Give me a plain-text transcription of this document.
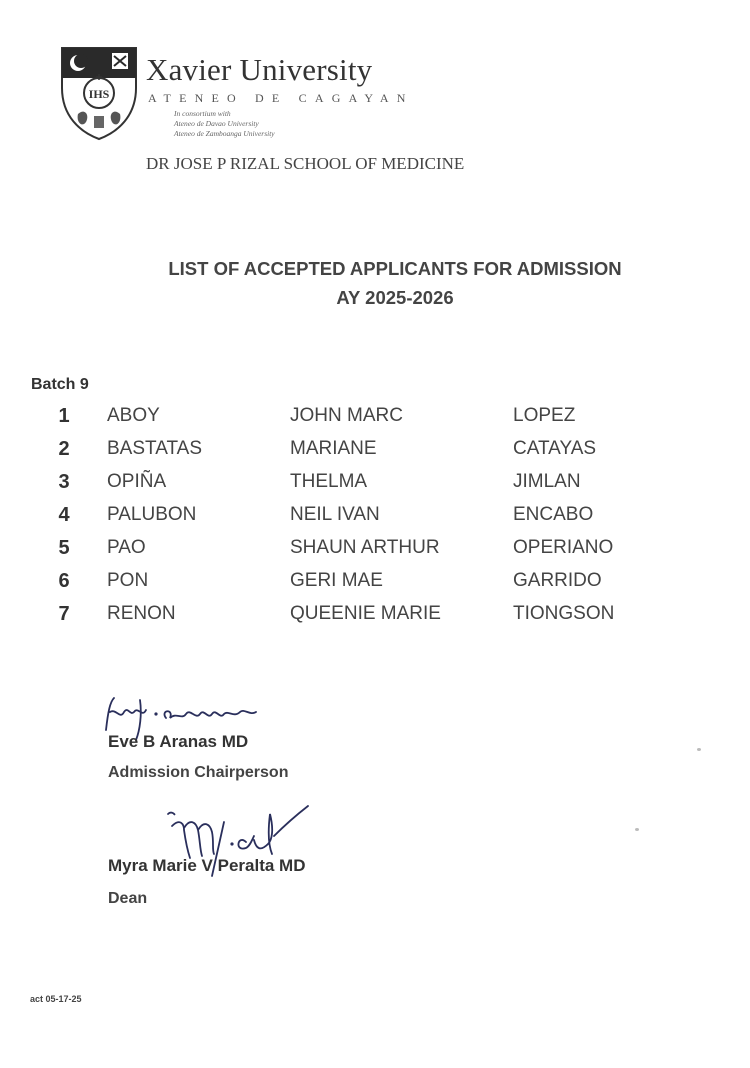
IHS
Xavier University
ATENEO DE CAGAYAN
In consortium with
Ateneo de Davao University
Ateneo de Zamboanga University
DR JOSE P RIZAL SCHOOL OF MEDICINE
LIST OF ACCEPTED APPLICANTS FOR ADMISSION
AY 2025-2026
Batch 9
1 ABOY	JOHN MARC	LOPEZ
2 BASTATAS	MARIANE	CATAYAS
3 OPIÑA	THELMA	JIMLAN
4 PALUBON	NEIL IVAN	ENCABO
5 PAO	SHAUN ARTHUR	OPERIANO
6 PON	GERI MAE	GARRIDO
7 RENON	QUEENIE MARIE	TIONGSON
Eve B Aranas MD
Admission Chairperson
Myra Marie V Peralta MD
Dean
act 05-17-25
